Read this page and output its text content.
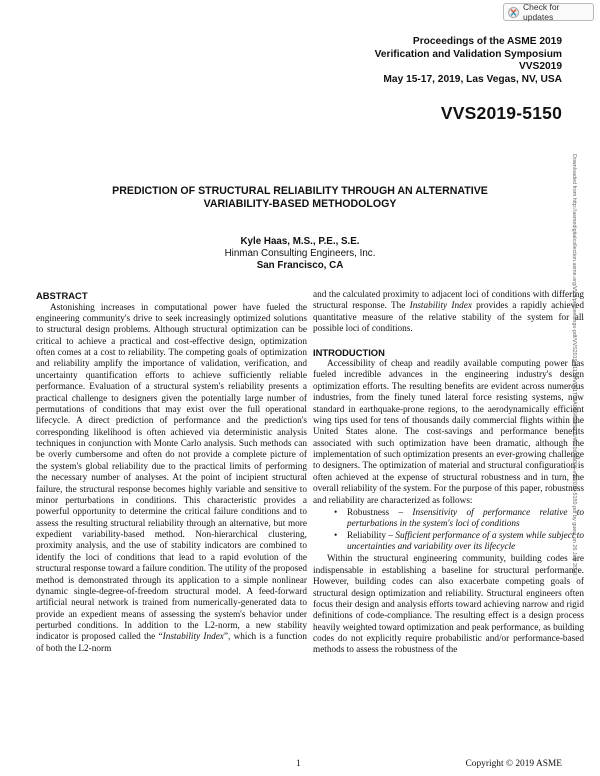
Check for updates
Proceedings of the ASME 2019
Verification and Validation Symposium
VVS2019
May 15-17, 2019, Las Vegas, NV, USA
VVS2019-5150
PREDICTION OF STRUCTURAL RELIABILITY THROUGH AN ALTERNATIVE
VARIABILITY-BASED METHODOLOGY
Kyle Haas, M.S., P.E., S.E.
Hinman Consulting Engineers, Inc.
San Francisco, CA
ABSTRACT

Astonishing increases in computational power have fueled the engineering community's drive to seek increasingly optimized solutions to structural design problems. Although structural optimization can be critical to achieve a practical and cost-effective design, optimization often comes at a cost to reliability. The competing goals of optimization and reliability amplify the importance of validation, verification, and uncertainty quantification efforts to achieve sufficiently reliable performance. Evaluation of a structural system's reliability presents a practical challenge to designers given the potentially large number of permutations of conditions that may exist over the full operational lifecycle. A direct prediction of performance and the prediction's corresponding likelihood is often achieved via deterministic analysis techniques in conjunction with Monte Carlo analysis. Such methods can be overly cumbersome and often do not provide a complete picture of the system's global reliability due to the practical limits of performing the necessary number of analyses. At the point of incipient structural failure, the structural response becomes highly variable and sensitive to minor perturbations in conditions. This characteristic provides a powerful opportunity to determine the critical failure conditions and to assess the resulting structural reliability through an alternative, but more expedient variability-based method. Non-hierarchical clustering, proximity analysis, and the use of stability indicators are combined to identify the loci of conditions that lead to a rapid evolution of the structural response toward a failure condition. The utility of the proposed method is demonstrated through its application to a simple nonlinear dynamic single-degree-of-freedom structural model. A feed-forward artificial neural network is trained from numerically-generated data to provide an expedient means of assessing the system's behavior under perturbed conditions. In addition to the L2-norm, a new stability indicator is proposed called the “Instability Index”, which is a function of both the L2-norm

and the calculated proximity to adjacent loci of conditions with differing structural response. The Instability Index provides a rapidly achieved quantitative measure of the relative stability of the system for all possible loci of conditions.

INTRODUCTION

Accessibility of cheap and readily available computing power has fueled incredible advances in the engineering industry's design optimization efforts. The resulting benefits are evident across numerous industries, from the finely tuned lateral force resisting systems, now standard in earthquake-prone regions, to the aerodynamically efficient wing tips used for tens of thousands daily commercial flights within the United States alone. The cost-savings and performance benefits associated with such optimization have been dramatic, although the implementation of such optimization presents an ever-growing challenge to designers. The optimization of material and structural configuration is often achieved at the expense of structural robustness and in turn, the overall reliability of the system. For the purpose of this paper, robustness and reliability are characterized as follows:

• Robustness – Insensitivity of performance relative to perturbations in the system's loci of conditions
• Reliability – Sufficient performance of a system while subject to uncertainties and variability over its lifecycle

Within the structural engineering community, building codes are indispensable in establishing a baseline for structural performance. However, building codes can also exacerbate competing goals of structural design optimization and reliability. Structural engineers often focus their design and analysis efforts toward achieving narrow and rigid definitions of code-compliance. The resulting effect is a design process heavily weighted toward optimization and peak performance, as building codes do not explicitly require probabilistic and/or performance-based methods to assess the robustness of the

Downloaded from http://asmedigitalcollection.asme.org/VVS/proceedings-pdf/VVS2019/41174/V001T08A005/6485201/v001t08a005-vvs2019-5150.pdf by guest on 26 July 2020
1	Copyright © 2019 ASME
